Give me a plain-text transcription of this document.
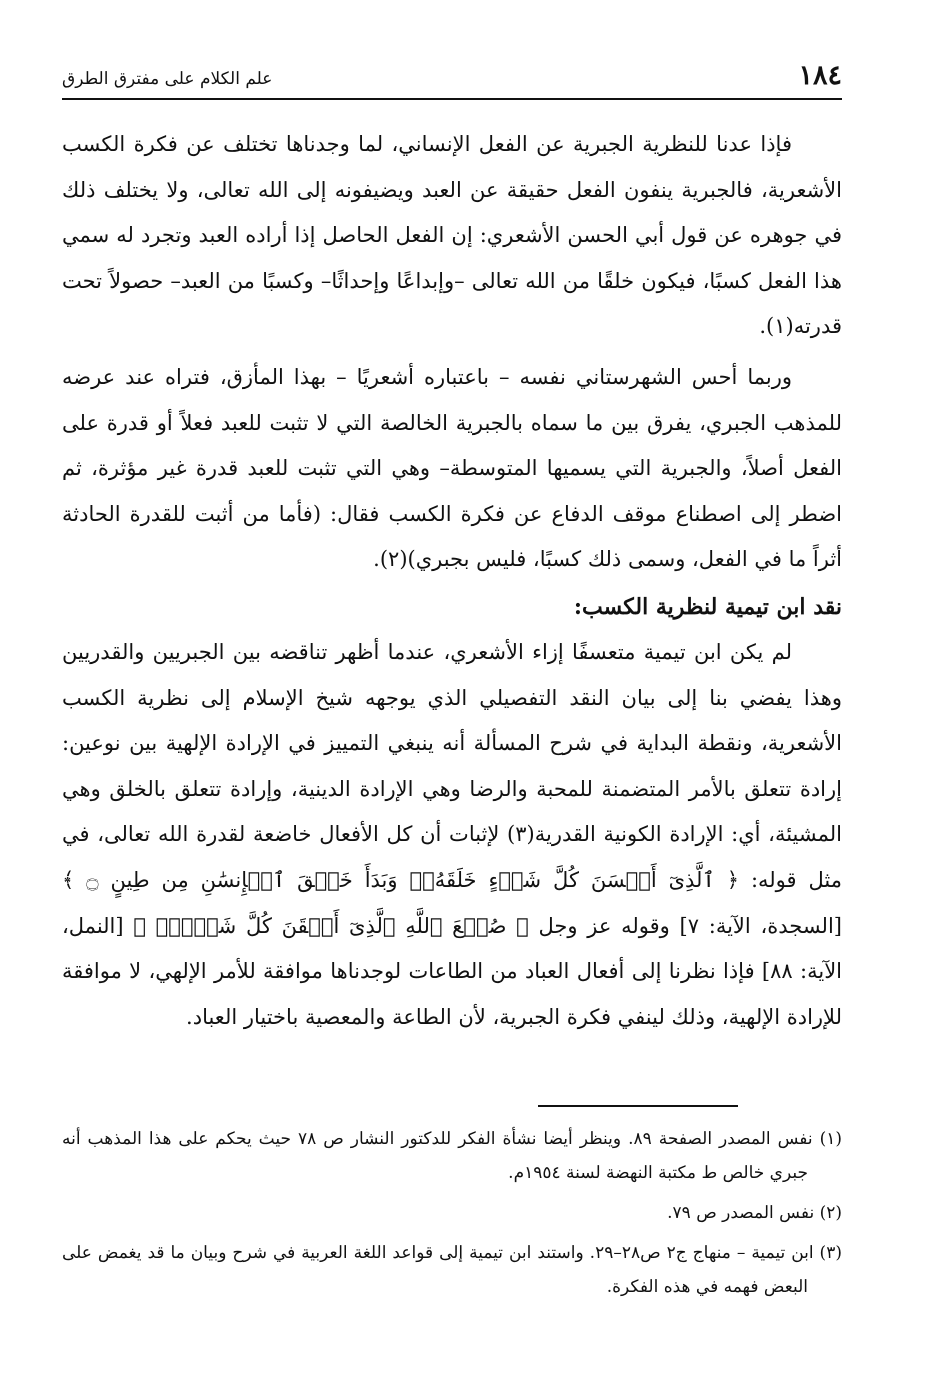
١٨٤
علم الكلام على مفترق الطرق

فإذا عدنا للنظرية الجبرية عن الفعل الإنساني، لما وجدناها تختلف عن فكرة الكسب الأشعرية، فالجبرية ينفون الفعل حقيقة عن العبد ويضيفونه إلى الله تعالى، ولا يختلف ذلك في جوهره عن قول أبي الحسن الأشعري: إن الفعل الحاصل إذا أراده العبد وتجرد له سمي هذا الفعل كسبًا، فيكون خلقًا من الله تعالى –وإبداعًا وإحداثًا– وكسبًا من العبد– حصولاً تحت قدرته(١).

وربما أحس الشهرستاني نفسه – باعتباره أشعريًا – بهذا المأزق، فتراه عند عرضه للمذهب الجبري، يفرق بين ما سماه بالجبرية الخالصة التي لا تثبت للعبد فعلاً أو قدرة على الفعل أصلاً، والجبرية التي يسميها المتوسطة– وهي التي تثبت للعبد قدرة غير مؤثرة، ثم اضطر إلى اصطناع موقف الدفاع عن فكرة الكسب فقال: (فأما من أثبت للقدرة الحادثة أثراً ما في الفعل، وسمى ذلك كسبًا، فليس بجبري)(٢).

نقد ابن تيمية لنظرية الكسب:

لم يكن ابن تيمية متعسفًا إزاء الأشعري، عندما أظهر تناقضه بين الجبريين والقدريين وهذا يفضي بنا إلى بيان النقد التفصيلي الذي يوجهه شيخ الإسلام إلى نظرية الكسب الأشعرية، ونقطة البداية في شرح المسألة أنه ينبغي التمييز في الإرادة الإلهية بين نوعين: إرادة تتعلق بالأمر المتضمنة للمحبة والرضا وهي الإرادة الدينية، وإرادة تتعلق بالخلق وهي المشيئة، أي: الإرادة الكونية القدرية(٣) لإثبات أن كل الأفعال خاضعة لقدرة الله تعالى، في مثل قوله: ﴿ ٱلَّذِىٓ أَحۡسَنَ كُلَّ شَىۡءٍ خَلَقَهُۥۖ وَبَدَأَ خَلۡقَ ٱلۡإِنسَٰنِ مِن طِينٍ ۝ ﴾ [السجدة، الآية: ٧] وقوله عز وجل ﴿ صُنۡعَ ٱللَّهِ ٱلَّذِىٓ أَتۡقَنَ كُلَّ شَىۡءٍۚ ﴾ [النمل، الآية: ٨٨] فإذا نظرنا إلى أفعال العباد من الطاعات لوجدناها موافقة للأمر الإلهي، لا موافقة للإرادة الإلهية، وذلك لينفي فكرة الجبرية، لأن الطاعة والمعصية باختيار العباد.

(١) نفس المصدر الصفحة ٨٩. وينظر أيضا نشأة الفكر للدكتور النشار ص ٧٨ حيث يحكم على هذا المذهب أنه جبري خالص ط مكتبة النهضة لسنة ١٩٥٤م.

(٢) نفس المصدر ص ٧٩.

(٣) ابن تيمية – منهاج ج٢ ص٢٨–٢٩. واستند ابن تيمية إلى قواعد اللغة العربية في شرح وبيان ما قد يغمض على البعض فهمه في هذه الفكرة.
